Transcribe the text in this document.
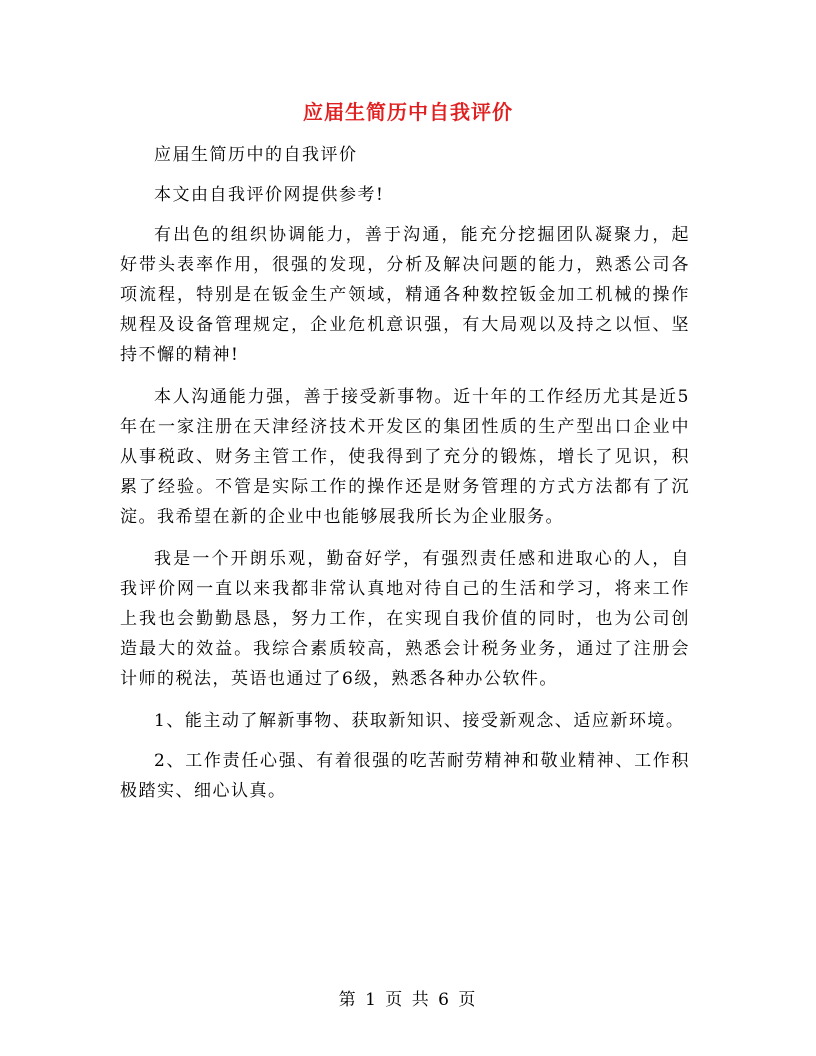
应届生简历中自我评价

应届生简历中的自我评价

本文由自我评价网提供参考!

有出色的组织协调能力，善于沟通，能充分挖掘团队凝聚力，起好带头表率作用，很强的发现，分析及解决问题的能力，熟悉公司各项流程，特别是在钣金生产领域，精通各种数控钣金加工机械的操作规程及设备管理规定，企业危机意识强，有大局观以及持之以恒、坚持不懈的精神!

本人沟通能力强，善于接受新事物。近十年的工作经历尤其是近5年在一家注册在天津经济技术开发区的集团性质的生产型出口企业中从事税政、财务主管工作，使我得到了充分的锻炼，增长了见识，积累了经验。不管是实际工作的操作还是财务管理的方式方法都有了沉淀。我希望在新的企业中也能够展我所长为企业服务。

我是一个开朗乐观，勤奋好学，有强烈责任感和进取心的人，自我评价网一直以来我都非常认真地对待自己的生活和学习，将来工作上我也会勤勤恳恳，努力工作，在实现自我价值的同时，也为公司创造最大的效益。我综合素质较高，熟悉会计税务业务，通过了注册会计师的税法，英语也通过了6级，熟悉各种办公软件。

1、能主动了解新事物、获取新知识、接受新观念、适应新环境。

2、工作责任心强、有着很强的吃苦耐劳精神和敬业精神、工作积极踏实、细心认真。

第 1 页 共 6 页
